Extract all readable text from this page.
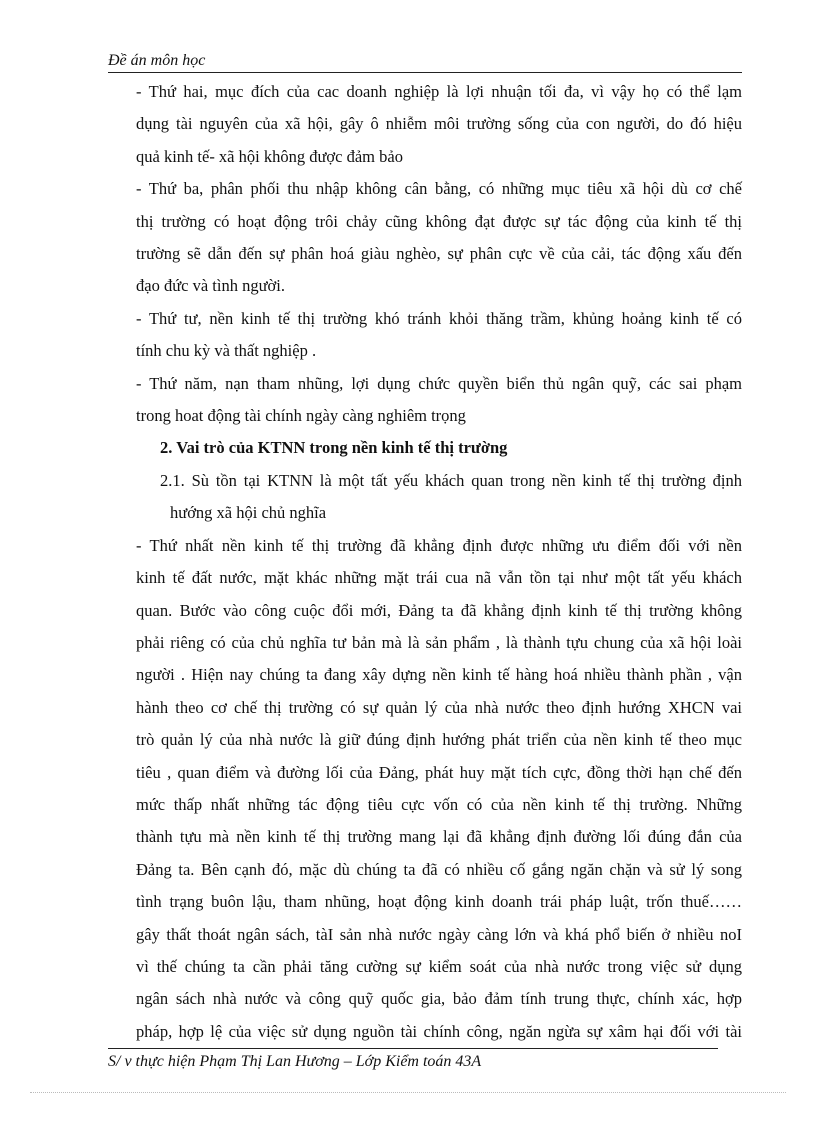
Đề án môn học
- Thứ hai, mục đích của cac doanh nghiệp là lợi nhuận tối đa, vì vậy họ có thể lạm
dụng tài nguyên của xã hội, gây ô nhiễm môi trường sống của con người, do đó hiệu
quả kinh tế- xã hội không được đảm bảo
- Thứ ba, phân phối thu nhập không cân bằng, có những mục tiêu xã hội dù cơ chế
thị trường có hoạt động trôi chảy cũng không đạt được sự tác động của kinh tế thị
trường sẽ dẫn đến sự phân hoá giàu nghèo, sự phân cực về của cải, tác động xấu đến
đạo đức và tình người.
- Thứ tư, nền kinh tế thị trường khó tránh khỏi thăng trầm, khủng hoảng kinh tế có
tính chu kỳ và thất nghiệp .
- Thứ năm, nạn tham nhũng, lợi dụng chức quyền biển thủ ngân quỹ, các sai phạm
trong hoat động tài chính ngày càng nghiêm trọng
2. Vai trò của KTNN trong nền kinh tế thị trường
2.1. Sù tồn tại KTNN là một tất yếu khách quan trong nền kinh tế thị trường định
hướng xã hội chủ nghĩa
- Thứ nhất nền kinh tế thị trường đã khẳng định được những ưu điểm đối với nền
kinh tế đất nước, mặt khác những mặt trái cua nã vẫn tồn tại như một tất yếu khách
quan. Bước vào công cuộc đổi mới, Đảng ta đã khẳng định kinh tế thị trường không
phải riêng có của chủ nghĩa tư bản mà là sản phẩm , là thành tựu chung của xã hội loài
người . Hiện nay chúng ta đang xây dựng nền kinh tế hàng hoá nhiều thành phần , vận
hành theo cơ chế thị trường có sự quản lý của nhà nước theo định hướng XHCN vai
trò quản lý của nhà nước là giữ đúng định hướng phát triển của nền kinh tế theo mục
tiêu , quan điểm và đường lối của Đảng, phát huy mặt tích cực, đồng thời hạn chế đến
mức thấp nhất những tác động tiêu cực vốn có của nền kinh tế thị trường. Những
thành tựu mà nền kinh tế thị trường mang lại đã khẳng định đường lối đúng đắn của
Đảng ta. Bên cạnh đó, mặc dù chúng ta đã có nhiều cố gắng ngăn chặn và sử lý song
tình trạng buôn lậu, tham nhũng, hoạt động kinh doanh trái pháp luật, trốn thuế……
gây thất thoát ngân sách, tàI sản nhà nước ngày càng lớn và khá phổ biến ở nhiều noI
vì thế chúng ta cần phải tăng cường sự kiểm soát của nhà nước trong việc sử dụng
ngân sách nhà nước và công quỹ quốc gia, bảo đảm tính trung thực, chính xác, hợp
pháp, hợp lệ của việc sử dụng nguồn tài chính công, ngăn ngừa sự xâm hại đối với tài
S/ v thực hiện Phạm Thị Lan Hương – Lớp Kiểm toán 43A
